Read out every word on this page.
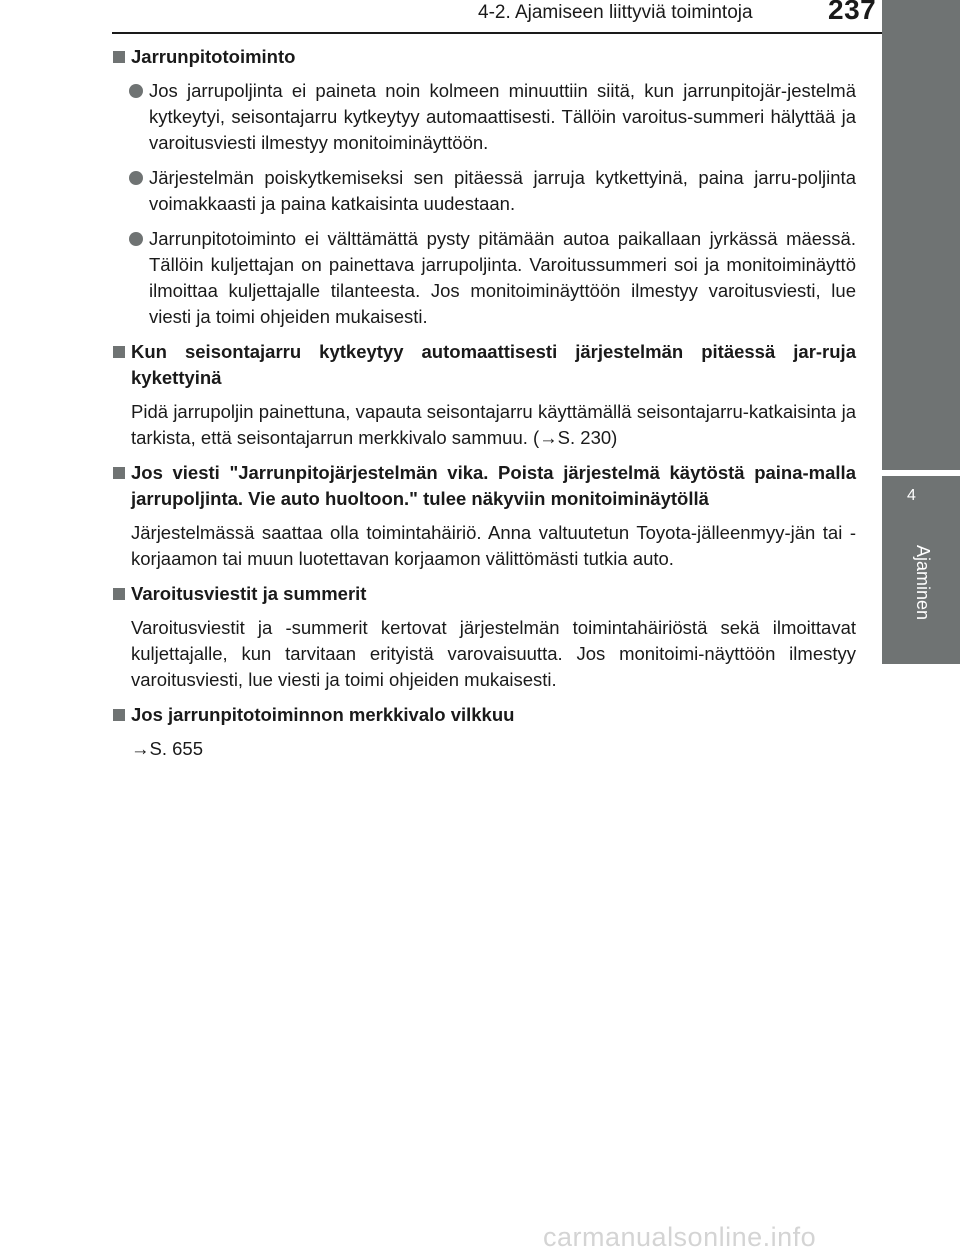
4-2. Ajamiseen liittyviä toimintoja	237
4
Ajaminen
Jarrunpitotoiminto
Jos jarrupoljinta ei paineta noin kolmeen minuuttiin siitä, kun jarrunpitojär-jestelmä kytkeytyi, seisontajarru kytkeytyy automaattisesti. Tällöin varoitus-summeri hälyttää ja varoitusviesti ilmestyy monitoiminäyttöön.
Järjestelmän poiskytkemiseksi sen pitäessä jarruja kytkettyinä, paina jarru-poljinta voimakkaasti ja paina katkaisinta uudestaan.
Jarrunpitotoiminto ei välttämättä pysty pitämään autoa paikallaan jyrkässä mäessä. Tällöin kuljettajan on painettava jarrupoljinta. Varoitussummeri soi ja monitoiminäyttö ilmoittaa kuljettajalle tilanteesta. Jos monitoiminäyttöön ilmestyy varoitusviesti, lue viesti ja toimi ohjeiden mukaisesti.
Kun seisontajarru kytkeytyy automaattisesti järjestelmän pitäessä jar-ruja kykettyinä
Pidä jarrupoljin painettuna, vapauta seisontajarru käyttämällä seisontajarru-katkaisinta ja tarkista, että seisontajarrun merkkivalo sammuu. (→S. 230)
Jos viesti "Jarrunpitojärjestelmän vika. Poista järjestelmä käytöstä paina-malla jarrupoljinta. Vie auto huoltoon." tulee näkyviin monitoiminäytöllä
Järjestelmässä saattaa olla toimintahäiriö. Anna valtuutetun Toyota-jälleenmyy-jän tai -korjaamon tai muun luotettavan korjaamon välittömästi tutkia auto.
Varoitusviestit ja summerit
Varoitusviestit ja -summerit kertovat järjestelmän toimintahäiriöstä sekä ilmoittavat kuljettajalle, kun tarvitaan erityistä varovaisuutta. Jos monitoimi-näyttöön ilmestyy varoitusviesti, lue viesti ja toimi ohjeiden mukaisesti.
Jos jarrunpitotoiminnon merkkivalo vilkkuu
→S. 655
carmanualsonline.info
